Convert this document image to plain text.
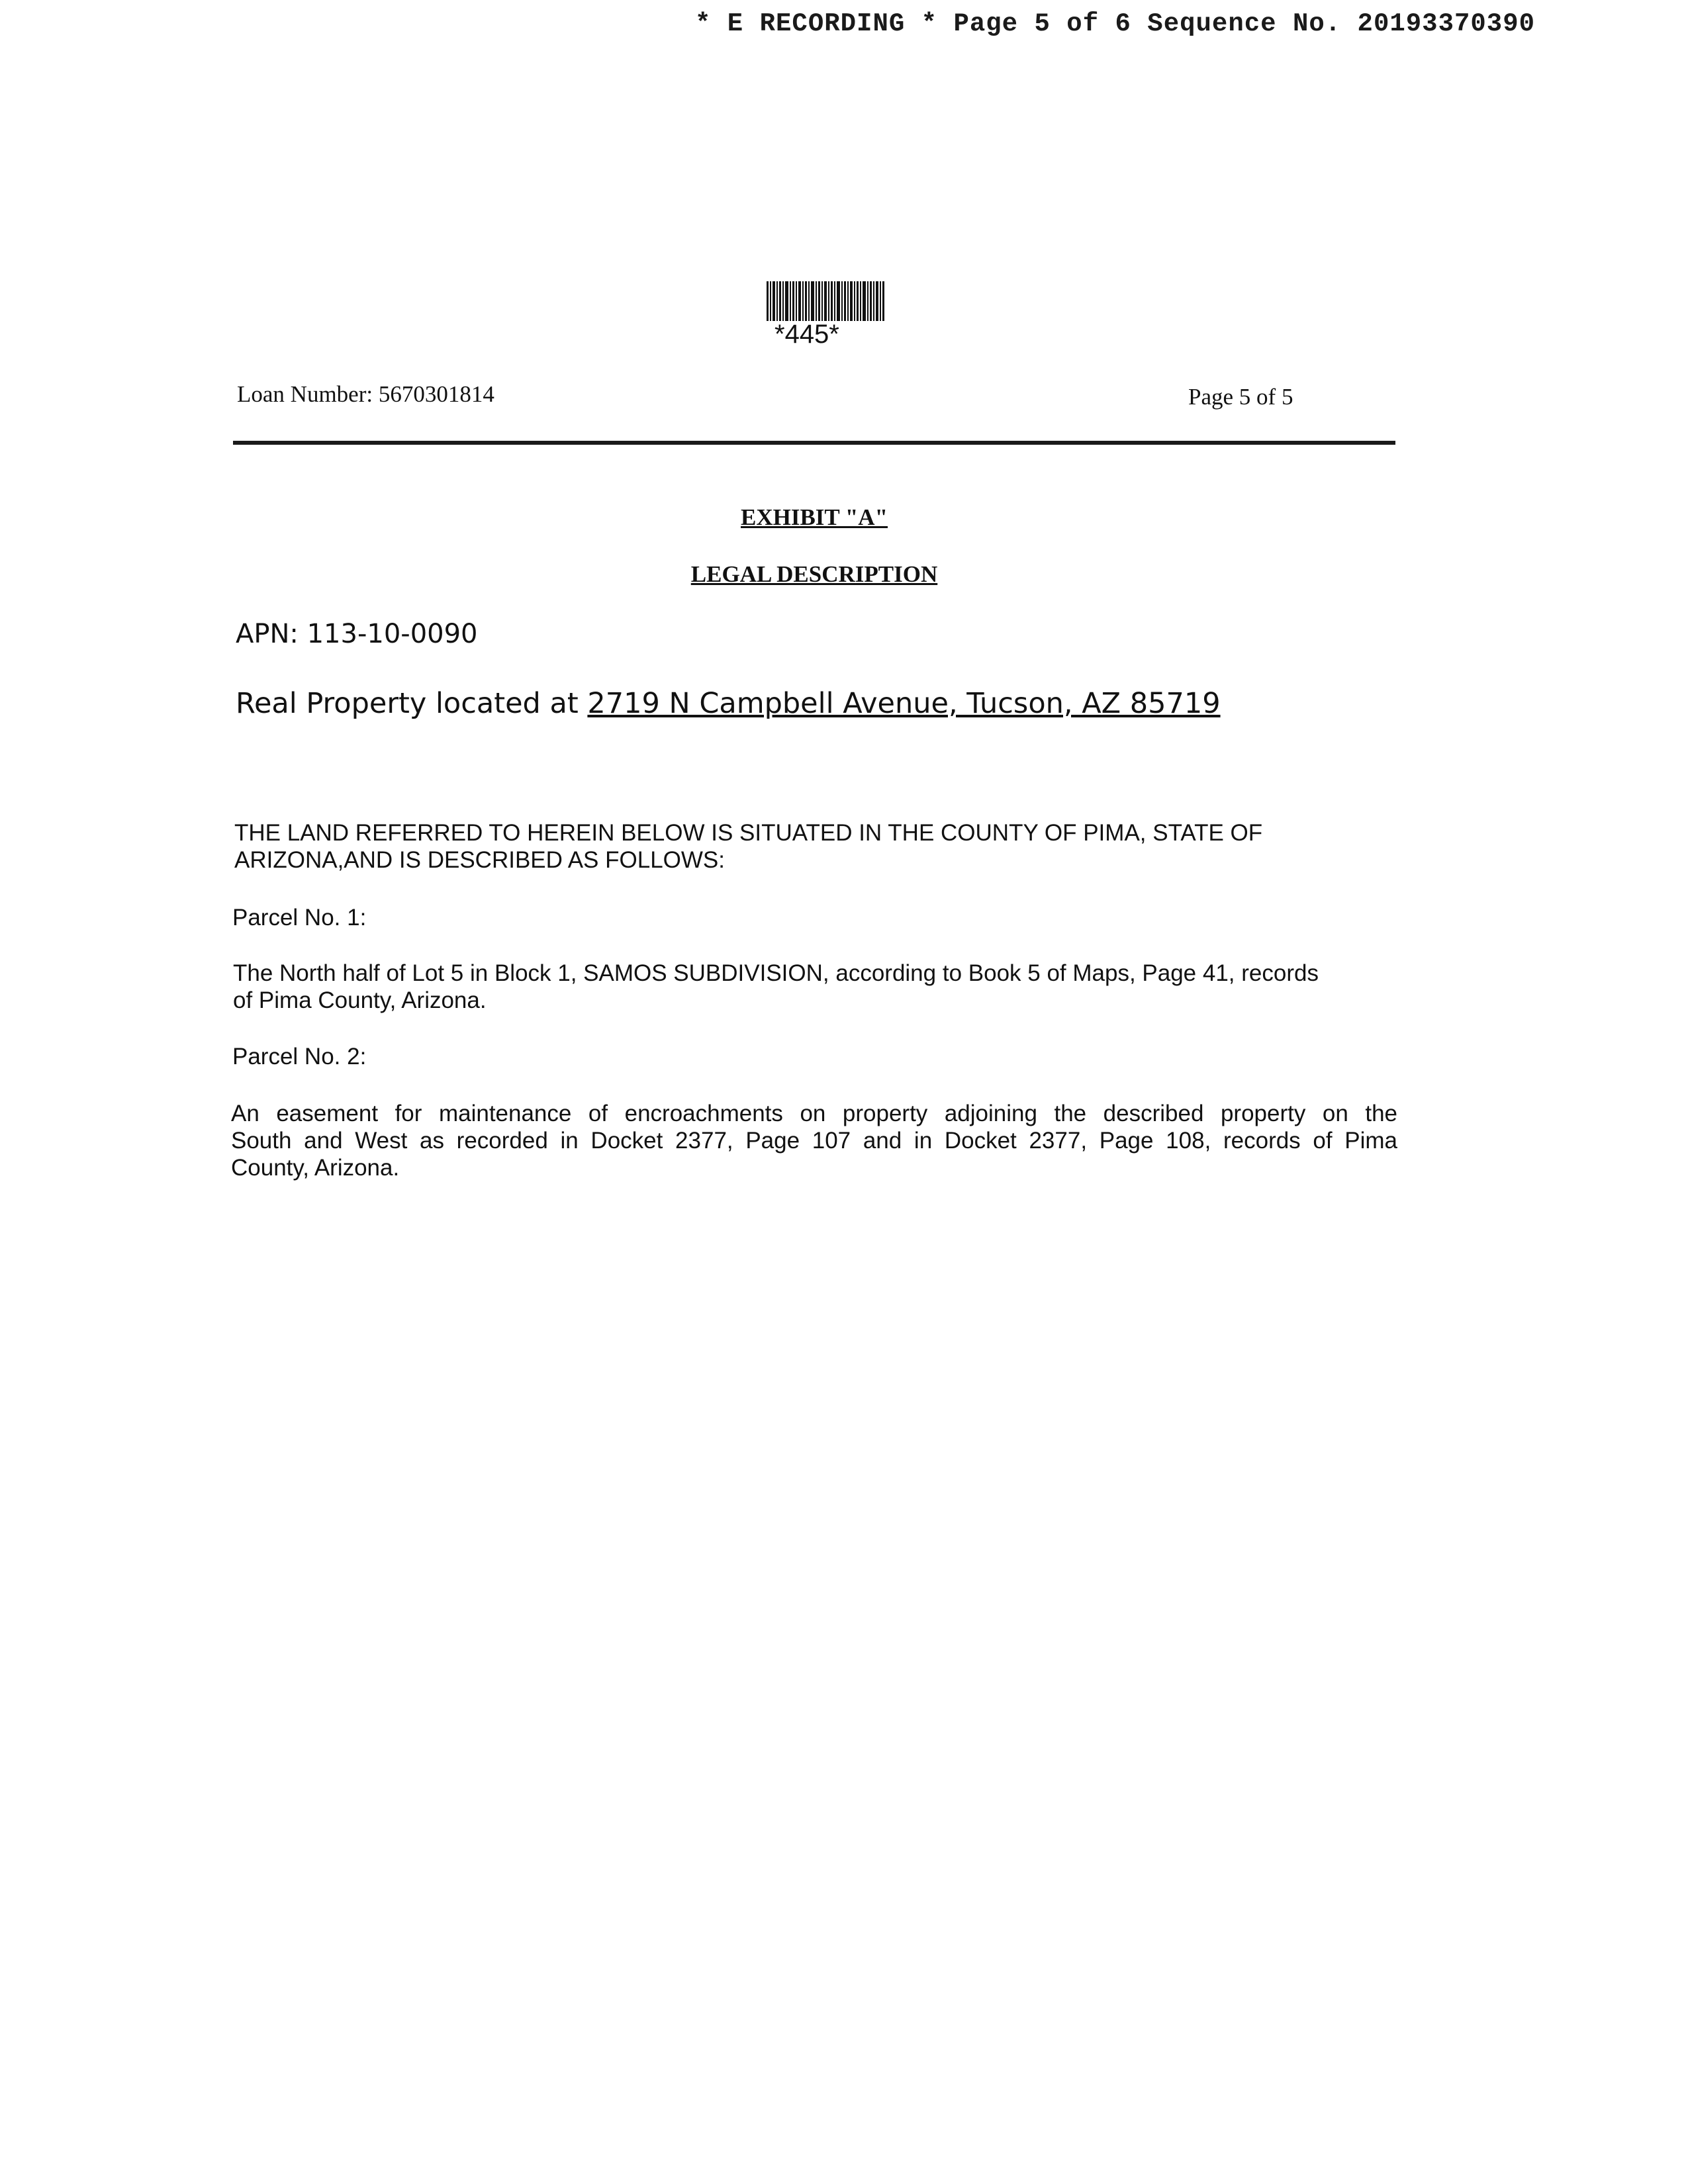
* E RECORDING * Page 5 of 6 Sequence No. 20193370390
*445*
Loan Number: 5670301814	Page 5 of 5
EXHIBIT "A"
LEGAL DESCRIPTION
APN: 113-10-0090
Real Property located at 2719 N Campbell Avenue, Tucson, AZ 85719
THE LAND REFERRED TO HEREIN BELOW IS SITUATED IN THE COUNTY OF PIMA, STATE OF
ARIZONA,AND IS DESCRIBED AS FOLLOWS:
Parcel No. 1:
The North half of Lot 5 in Block 1, SAMOS SUBDIVISION, according to Book 5 of Maps, Page 41, records
of Pima County, Arizona.
Parcel No. 2:
An easement for maintenance of encroachments on property adjoining the described property on the
South and West as recorded in Docket 2377, Page 107 and in Docket 2377, Page 108, records of Pima
County, Arizona.
